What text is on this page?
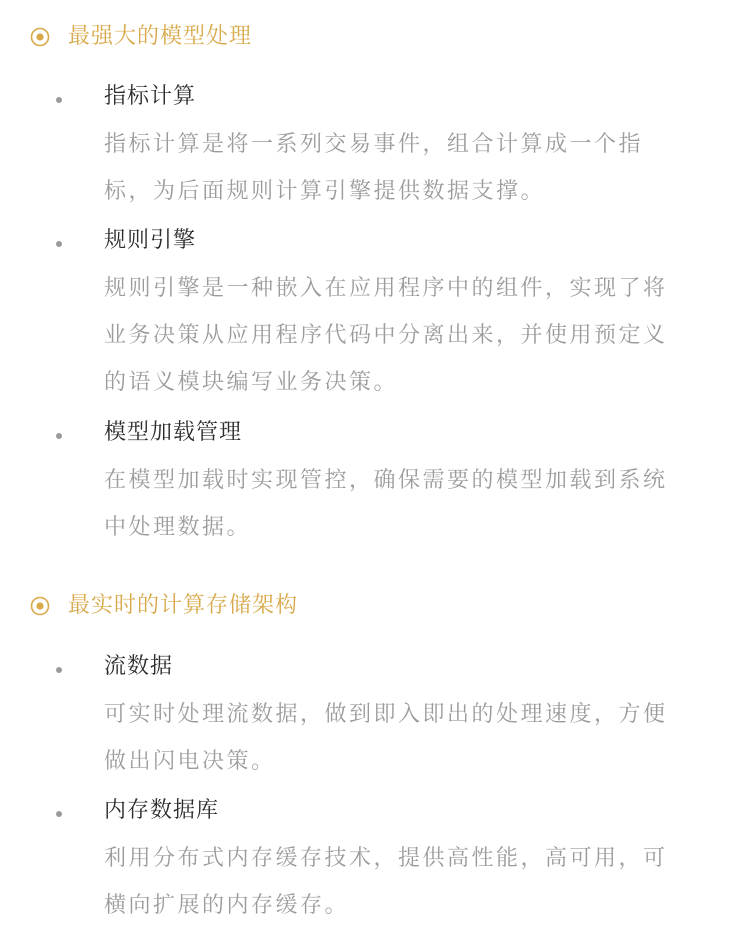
最强大的模型处理
指标计算
指标计算是将一系列交易事件，组合计算成一个指标，为后面规则计算引擎提供数据支撑。
规则引擎
规则引擎是一种嵌入在应用程序中的组件，实现了将业务决策从应用程序代码中分离出来，并使用预定义的语义模块编写业务决策。
模型加载管理
在模型加载时实现管控，确保需要的模型加载到系统中处理数据。
最实时的计算存储架构
流数据
可实时处理流数据，做到即入即出的处理速度，方便做出闪电决策。
内存数据库
利用分布式内存缓存技术，提供高性能，高可用，可横向扩展的内存缓存。
